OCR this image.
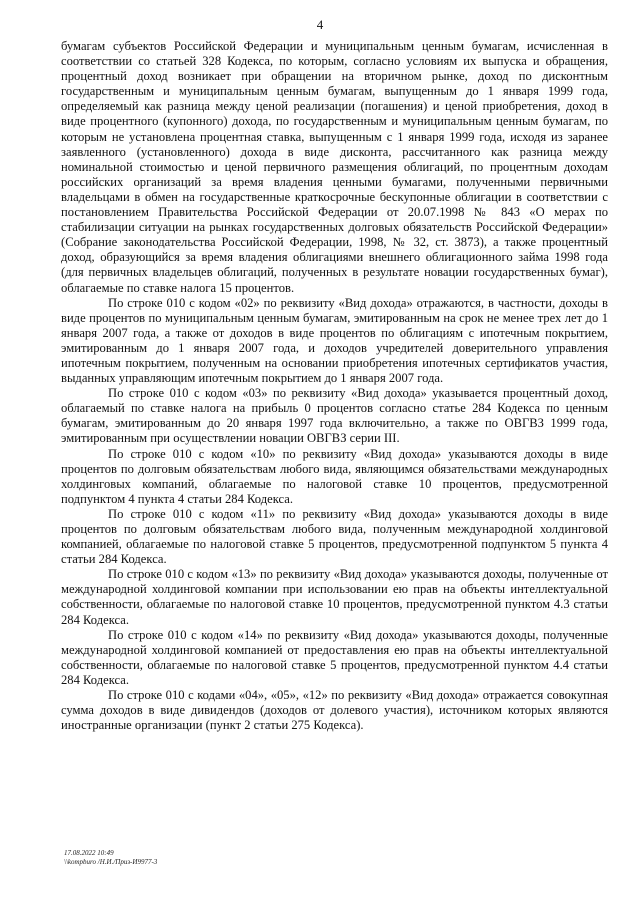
4

бумагам субъектов Российской Федерации и муниципальным ценным бумагам, исчисленная в соответствии со статьей 328 Кодекса, по которым, согласно условиям их выпуска и обращения, процентный доход возникает при обращении на вторичном рынке, доход по дисконтным государственным и муниципальным ценным бумагам, выпущенным до 1 января 1999 года, определяемый как разница между ценой реализации (погашения) и ценой приобретения, доход в виде процентного (купонного) дохода, по государственным и муниципальным ценным бумагам, по которым не установлена процентная ставка, выпущенным с 1 января 1999 года, исходя из заранее заявленного (установленного) дохода в виде дисконта, рассчитанного как разница между номинальной стоимостью и ценой первичного размещения облигаций, по процентным доходам российских организаций за время владения ценными бумагами, полученными первичными владельцами в обмен на государственные краткосрочные бескупонные облигации в соответствии с постановлением Правительства Российской Федерации от 20.07.1998 № 843 «О мерах по стабилизации ситуации на рынках государственных долговых обязательств Российской Федерации» (Собрание законодательства Российской Федерации, 1998, № 32, ст. 3873), а также процентный доход, образующийся за время владения облигациями внешнего облигационного займа 1998 года (для первичных владельцев облигаций, полученных в результате новации государственных бумаг), облагаемые по ставке налога 15 процентов.

По строке 010 с кодом «02» по реквизиту «Вид дохода» отражаются, в частности, доходы в виде процентов по муниципальным ценным бумагам, эмитированным на срок не менее трех лет до 1 января 2007 года, а также от доходов в виде процентов по облигациям с ипотечным покрытием, эмитированным до 1 января 2007 года, и доходов учредителей доверительного управления ипотечным покрытием, полученным на основании приобретения ипотечных сертификатов участия, выданных управляющим ипотечным покрытием до 1 января 2007 года.

По строке 010 с кодом «03» по реквизиту «Вид дохода» указывается процентный доход, облагаемый по ставке налога на прибыль 0 процентов согласно статье 284 Кодекса по ценным бумагам, эмитированным до 20 января 1997 года включительно, а также по ОВГВЗ 1999 года, эмитированным при осуществлении новации ОВГВЗ серии III.

По строке 010 с кодом «10» по реквизиту «Вид дохода» указываются доходы в виде процентов по долговым обязательствам любого вида, являющимся обязательствами международных холдинговых компаний, облагаемые по налоговой ставке 10 процентов, предусмотренной подпунктом 4 пункта 4 статьи 284 Кодекса.

По строке 010 с кодом «11» по реквизиту «Вид дохода» указываются доходы в виде процентов по долговым обязательствам любого вида, полученным международной холдинговой компанией, облагаемые по налоговой ставке 5 процентов, предусмотренной подпунктом 5 пункта 4 статьи 284 Кодекса.

По строке 010 с кодом «13» по реквизиту «Вид дохода» указываются доходы, полученные от международной холдинговой компании при использовании ею прав на объекты интеллектуальной собственности, облагаемые по налоговой ставке 10 процентов, предусмотренной пунктом 4.3 статьи 284 Кодекса.

По строке 010 с кодом «14» по реквизиту «Вид дохода» указываются доходы, полученные международной холдинговой компанией от предоставления ею прав на объекты интеллектуальной собственности, облагаемые по налоговой ставке 5 процентов, предусмотренной пунктом 4.4 статьи 284 Кодекса.

По строке 010 с кодами «04», «05», «12» по реквизиту «Вид дохода» отражается совокупная сумма доходов в виде дивидендов (доходов от долевого участия), источником которых являются иностранные организации (пункт 2 статьи 275 Кодекса).

17.08.2022 10:49
\\kompburo /Н.И./Приз-И9977-3
